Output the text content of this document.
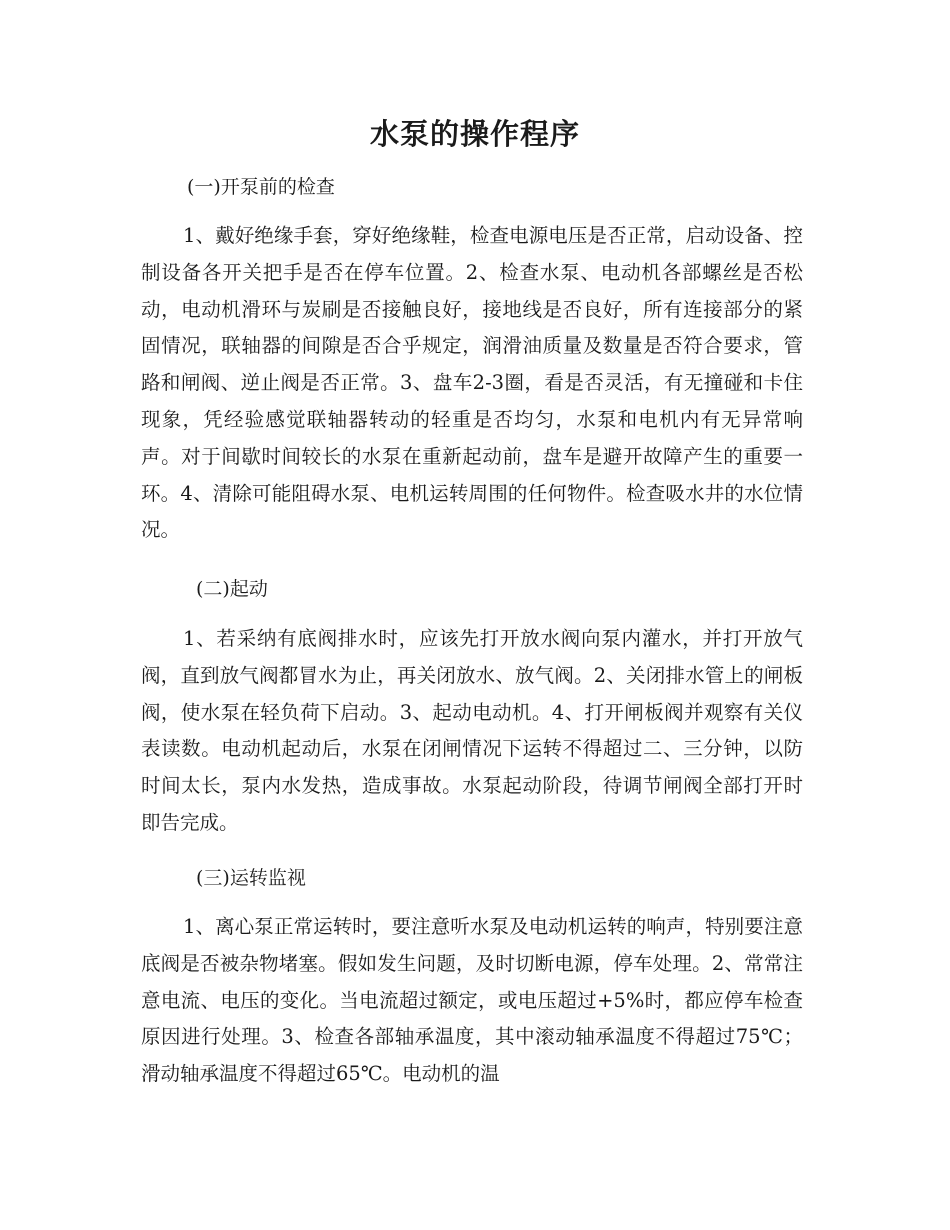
水泵的操作程序

(一)开泵前的检查

1、戴好绝缘手套，穿好绝缘鞋，检查电源电压是否正常，启动设备、控制设备各开关把手是否在停车位置。2、检查水泵、电动机各部螺丝是否松动，电动机滑环与炭刷是否接触良好，接地线是否良好，所有连接部分的紧固情况，联轴器的间隙是否合乎规定，润滑油质量及数量是否符合要求，管路和闸阀、逆止阀是否正常。3、盘车2-3圈，看是否灵活，有无撞碰和卡住现象，凭经验感觉联轴器转动的轻重是否均匀，水泵和电机内有无异常响声。对于间歇时间较长的水泵在重新起动前，盘车是避开故障产生的重要一环。4、清除可能阻碍水泵、电机运转周围的任何物件。检查吸水井的水位情况。

(二)起动

1、若采纳有底阀排水时，应该先打开放水阀向泵内灌水，并打开放气阀，直到放气阀都冒水为止，再关闭放水、放气阀。2、关闭排水管上的闸板阀，使水泵在轻负荷下启动。3、起动电动机。4、打开闸板阀并观察有关仪表读数。电动机起动后，水泵在闭闸情况下运转不得超过二、三分钟，以防时间太长，泵内水发热，造成事故。水泵起动阶段，待调节闸阀全部打开时即告完成。

(三)运转监视

1、离心泵正常运转时，要注意听水泵及电动机运转的响声，特别要注意底阀是否被杂物堵塞。假如发生问题，及时切断电源，停车处理。2、常常注意电流、电压的变化。当电流超过额定，或电压超过+5%时，都应停车检查原因进行处理。3、检查各部轴承温度，其中滚动轴承温度不得超过75℃；滑动轴承温度不得超过65℃。电动机的温
